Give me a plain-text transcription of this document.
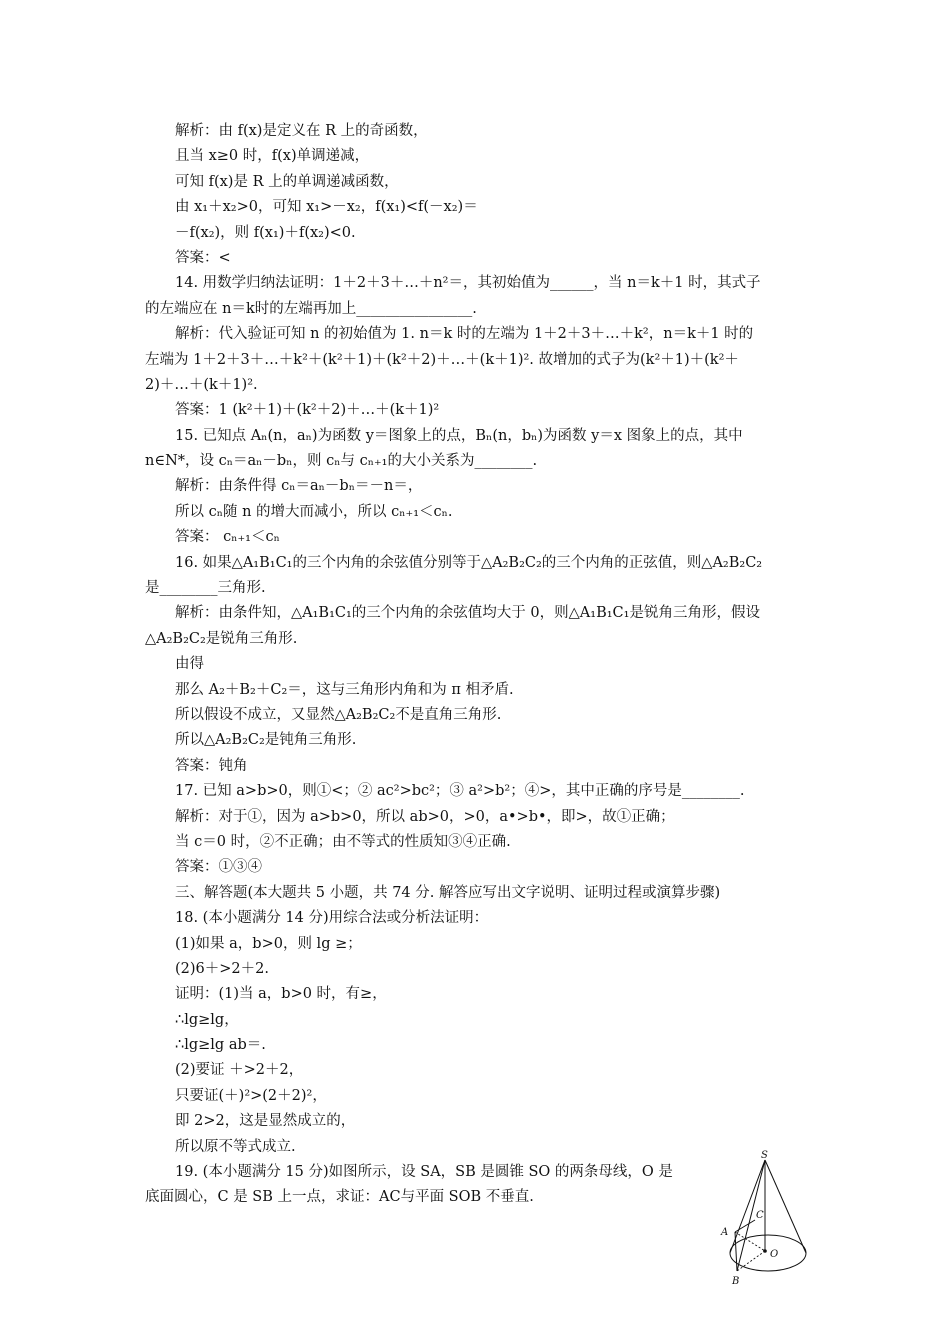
解析：由 f(x)是定义在 R 上的奇函数，
且当 x≥0 时，f(x)单调递减，
可知 f(x)是 R 上的单调递减函数，
由 x₁＋x₂>0，可知 x₁>－x₂，f(x₁)<f(－x₂)＝
－f(x₂)，则 f(x₁)＋f(x₂)<0.
答案：<
14. 用数学归纳法证明：1＋2＋3＋…＋n²＝，其初始值为______，当 n＝k＋1 时，其式子
的左端应在 n＝k时的左端再加上________________.
解析：代入验证可知 n 的初始值为 1. n＝k 时的左端为 1＋2＋3＋…＋k²，n＝k＋1 时的
左端为 1＋2＋3＋…＋k²＋(k²＋1)＋(k²＋2)＋…＋(k＋1)². 故增加的式子为(k²＋1)＋(k²＋
2)＋…＋(k＋1)².
答案：1 (k²＋1)＋(k²＋2)＋…＋(k＋1)²
15. 已知点 Aₙ(n，aₙ)为函数 y＝图象上的点，Bₙ(n，bₙ)为函数 y＝x 图象上的点，其中
n∈N*，设 cₙ＝aₙ－bₙ，则 cₙ与 cₙ₊₁的大小关系为________.
解析：由条件得 cₙ＝aₙ－bₙ＝－n＝，
所以 cₙ随 n 的增大而减小，所以 cₙ₊₁＜cₙ.
答案： cₙ₊₁＜cₙ
16. 如果△A₁B₁C₁的三个内角的余弦值分别等于△A₂B₂C₂的三个内角的正弦值，则△A₂B₂C₂
是________三角形.
解析：由条件知，△A₁B₁C₁的三个内角的余弦值均大于 0，则△A₁B₁C₁是锐角三角形，假设
△A₂B₂C₂是锐角三角形.
由得
那么 A₂＋B₂＋C₂＝，这与三角形内角和为 π 相矛盾.
所以假设不成立，又显然△A₂B₂C₂不是直角三角形.
所以△A₂B₂C₂是钝角三角形.
答案：钝角
17. 已知 a>b>0，则①<；② ac²>bc²；③ a²>b²；④>，其中正确的序号是________.
解析：对于①，因为 a>b>0，所以 ab>0，>0，a•>b•，即>，故①正确；
当 c＝0 时，②不正确；由不等式的性质知③④正确.
答案：①③④
三、解答题(本大题共 5 小题，共 74 分. 解答应写出文字说明、证明过程或演算步骤)
18. (本小题满分 14 分)用综合法或分析法证明：
(1)如果 a，b>0，则 lg ≥；
(2)6＋>2＋2.
证明：(1)当 a，b>0 时，有≥，
∴lg≥lg，
∴lg≥lg ab＝.
(2)要证 ＋>2＋2，
只要证(＋)²>(2＋2)²，
即 2>2，这是显然成立的，
所以原不等式成立.
19. (本小题满分 15 分)如图所示，设 SA，SB 是圆锥 SO 的两条母线，O 是
底面圆心，C 是 SB 上一点，求证：AC与平面 SOB 不垂直.
S
C
A
O
B
